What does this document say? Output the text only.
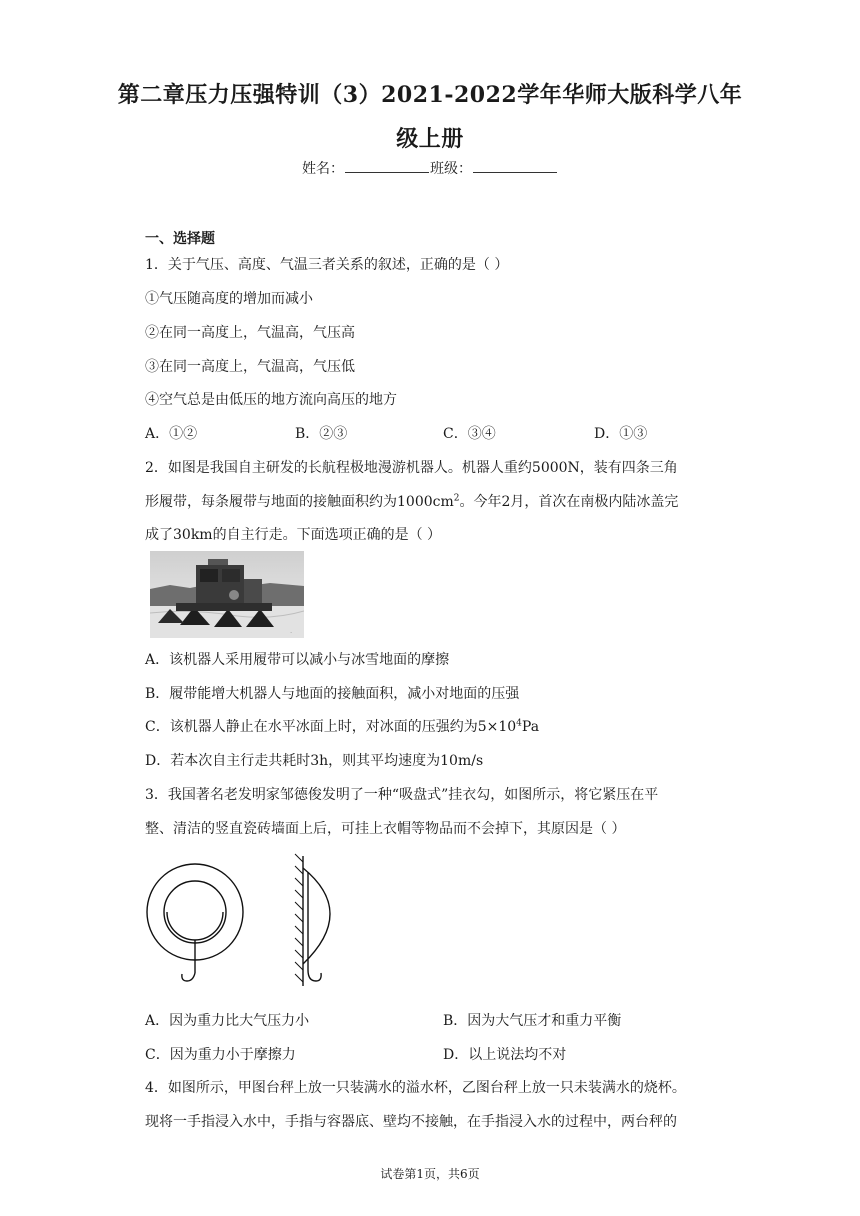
第二章压力压强特训（3）2021-2022学年华师大版科学八年
级上册
姓名：	班级：
一、选择题
1．关于气压、高度、气温三者关系的叙述，正确的是（ ）
①气压随高度的增加而减小
②在同一高度上，气温高，气压高
③在同一高度上，气温高，气压低
④空气总是由低压的地方流向高压的地方
A．①②	B．②③	C．③④	D．①③
2．如图是我国自主研发的长航程极地漫游机器人。机器人重约5000N，装有四条三角
形履带，每条履带与地面的接触面积约为$1000cm^2$。今年2月，首次在南极内陆冰盖完
成了30km的自主行走。下面选项正确的是（ ）
·
A．该机器人采用履带可以减小与冰雪地面的摩擦
B．履带能增大机器人与地面的接触面积，减小对地面的压强
C．该机器人静止在水平冰面上时，对冰面的压强约为$5\times 10^4Pa$
D．若本次自主行走共耗时3h，则其平均速度为10m/s
3．我国著名老发明家邹德俊发明了一种“吸盘式”挂衣勾，如图所示，将它紧压在平
整、清洁的竖直瓷砖墙面上后，可挂上衣帽等物品而不会掉下，其原因是（ ）
A．因为重力比大气压力小	B．因为大气压才和重力平衡
C．因为重力小于摩擦力	D．以上说法均不对
4．如图所示，甲图台秤上放一只装满水的溢水杯，乙图台秤上放一只未装满水的烧杯。
现将一手指浸入水中，手指与容器底、壁均不接触，在手指浸入水的过程中，两台秤的
试卷第1页，共6页
